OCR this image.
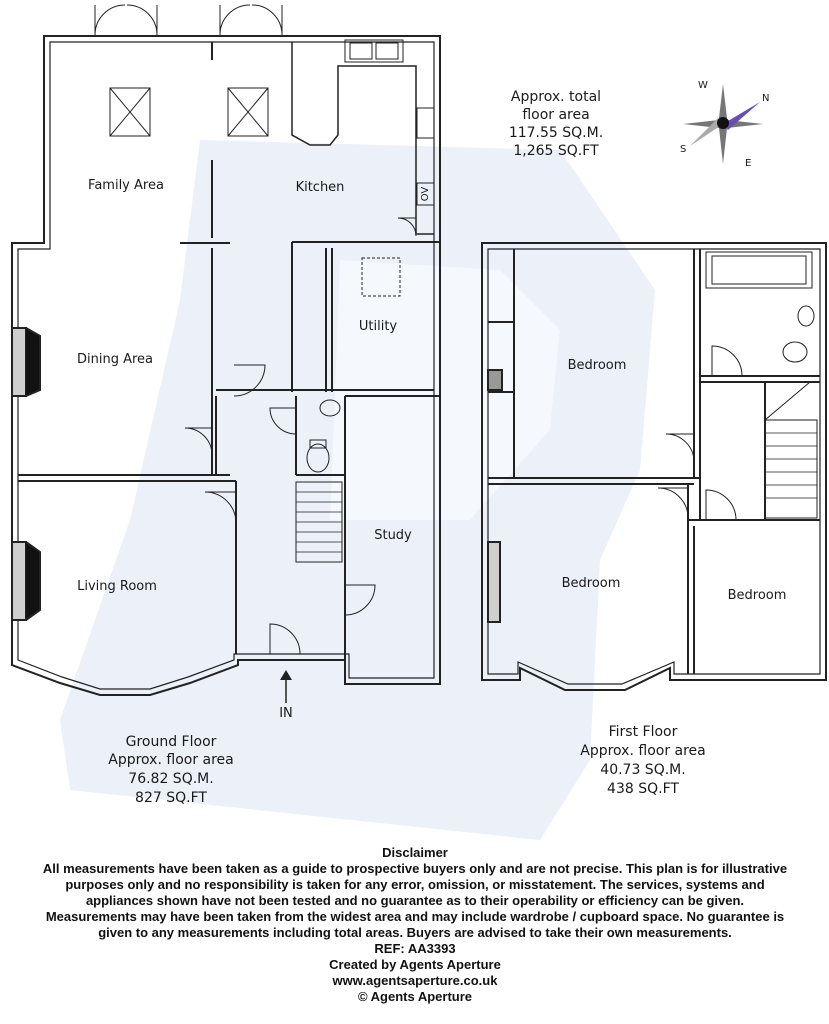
N
E
S
W
Family Area	Kitchen	OV
Dining Area
Utility
Living Room
Study
IN
Bedroom
Bedroom
Bedroom
Approx. total
floor area
117.55 SQ.M.
1,265 SQ.FT
Ground Floor
Approx. floor area
76.82 SQ.M.
827 SQ.FT
First Floor
Approx. floor area
40.73 SQ.M.
438 SQ.FT
Disclaimer
All measurements have been taken as a guide to prospective buyers only and are not precise. This plan is for illustrative purposes only and no responsibility is taken for any error, omission, or misstatement. The services, systems and appliances shown have not been tested and no guarantee as to their operability or efficiency can be given. Measurements may have been taken from the widest area and may include wardrobe / cupboard space. No guarantee is given to any measurements including total areas. Buyers are advised to take their own measurements.
REF: AA3393
Created by Agents Aperture
www.agentsaperture.co.uk
© Agents Aperture
